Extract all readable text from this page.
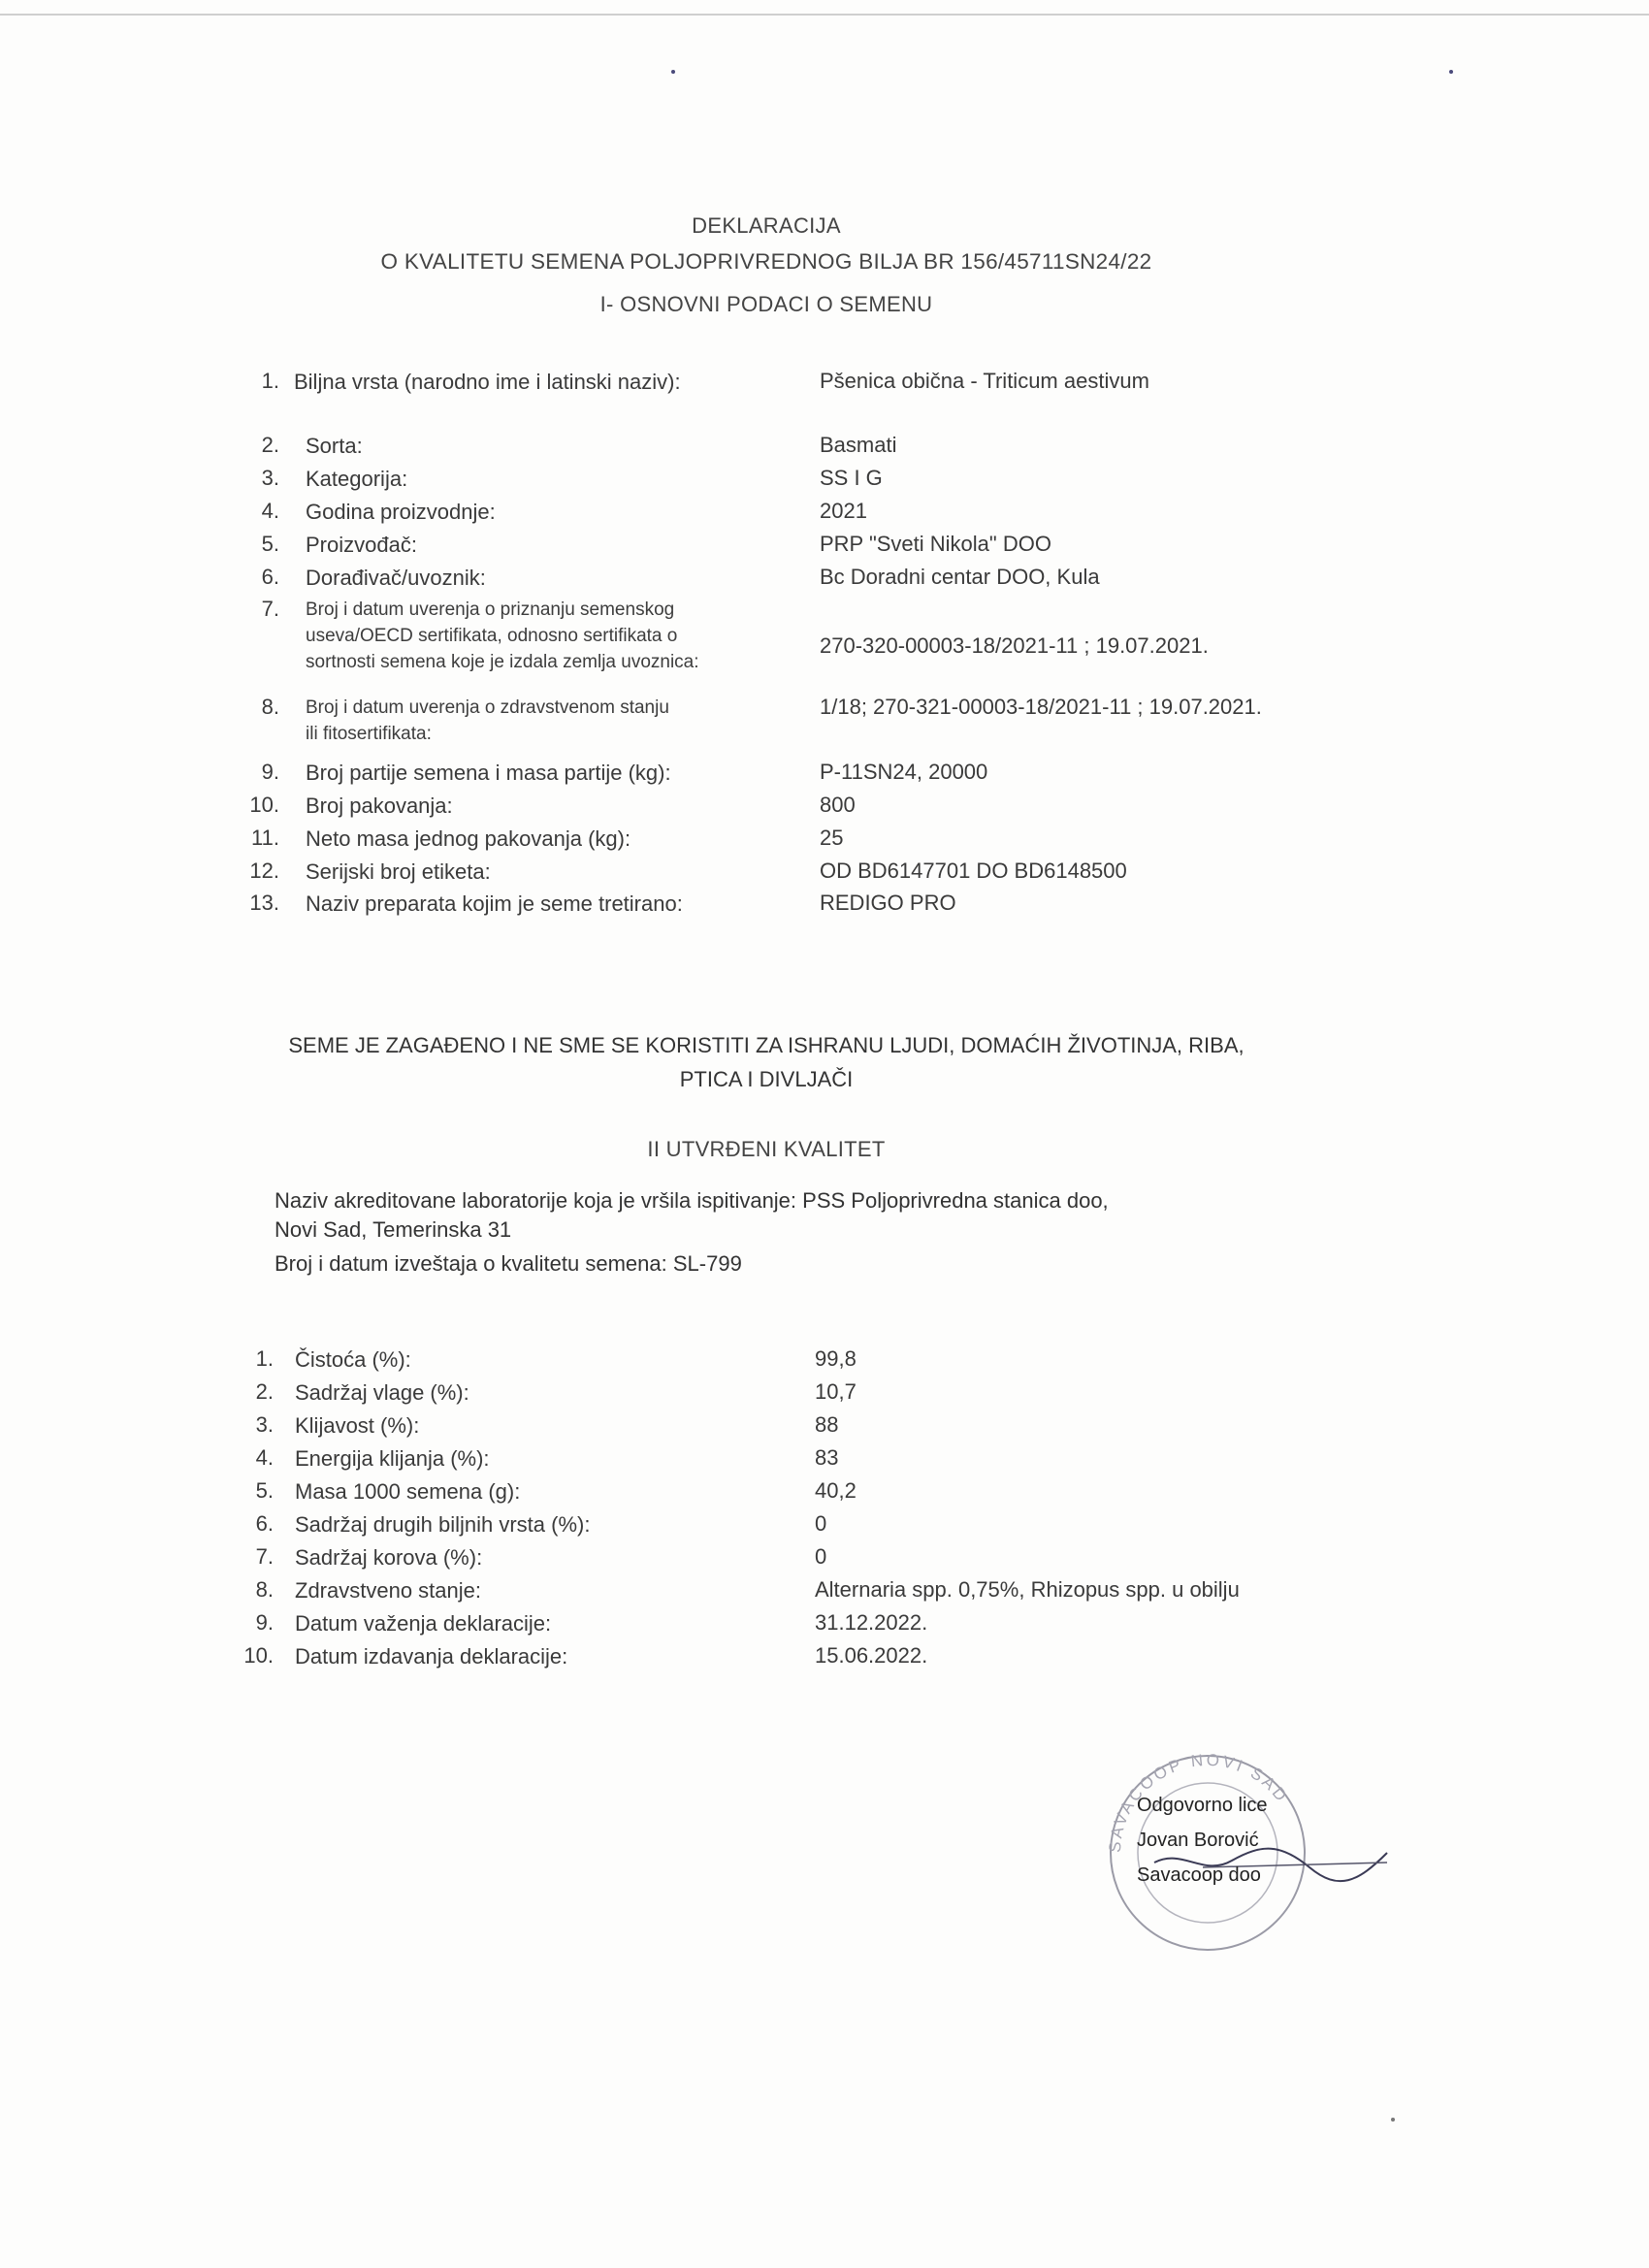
DEKLARACIJA
O KVALITETU SEMENA POLJOPRIVREDNOG BILJA BR 156/45711SN24/22
I- OSNOVNI PODACI O SEMENU
1. Biljna vrsta (narodno ime i latinski naziv):	Pšenica obična - Triticum aestivum
2. Sorta:	Basmati
3. Kategorija:	SS I G
4. Godina proizvodnje:	2021
5. Proizvođač:	PRP "Sveti Nikola" DOO
6. Dorađivač/uvoznik:	Bc Doradni centar DOO, Kula
7. Broj i datum uverenja o priznanju semenskog
useva/OECD sertifikata, odnosno sertifikata o
sortnosti semena koje je izdala zemlja uvoznica:
270-320-00003-18/2021-11 ; 19.07.2021.
8. Broj i datum uverenja o zdravstvenom stanju
ili fitosertifikata:
1/18; 270-321-00003-18/2021-11 ; 19.07.2021.
9. Broj partije semena i masa partije (kg):	P-11SN24, 20000
10. Broj pakovanja:	800
11. Neto masa jednog pakovanja (kg):	25
12. Serijski broj etiketa:	OD BD6147701 DO BD6148500
13. Naziv preparata kojim je seme tretirano:	REDIGO PRO
SEME JE ZAGAĐENO I NE SME SE KORISTITI ZA ISHRANU LJUDI, DOMAĆIH ŽIVOTINJA, RIBA,
PTICA I DIVLJAČI
II UTVRĐENI KVALITET
Naziv akreditovane laboratorije koja je vršila ispitivanje: PSS Poljoprivredna stanica doo,
Novi Sad, Temerinska 31
Broj i datum izveštaja o kvalitetu semena: SL-799
1. Čistoća (%):	99,8
2. Sadržaj vlage (%):	10,7
3. Klijavost (%):	88
4. Energija klijanja (%):	83
5. Masa 1000 semena (g):	40,2
6. Sadržaj drugih biljnih vrsta (%):	0
7. Sadržaj korova (%):	0
8. Zdravstveno stanje:	Alternaria spp. 0,75%, Rhizopus spp. u obilju
9. Datum važenja deklaracije:	31.12.2022.
10. Datum izdavanja deklaracije:	15.06.2022.
SAVACOOP NOVI SAD
Odgovorno lice
Jovan Borović
Savacoop doo
